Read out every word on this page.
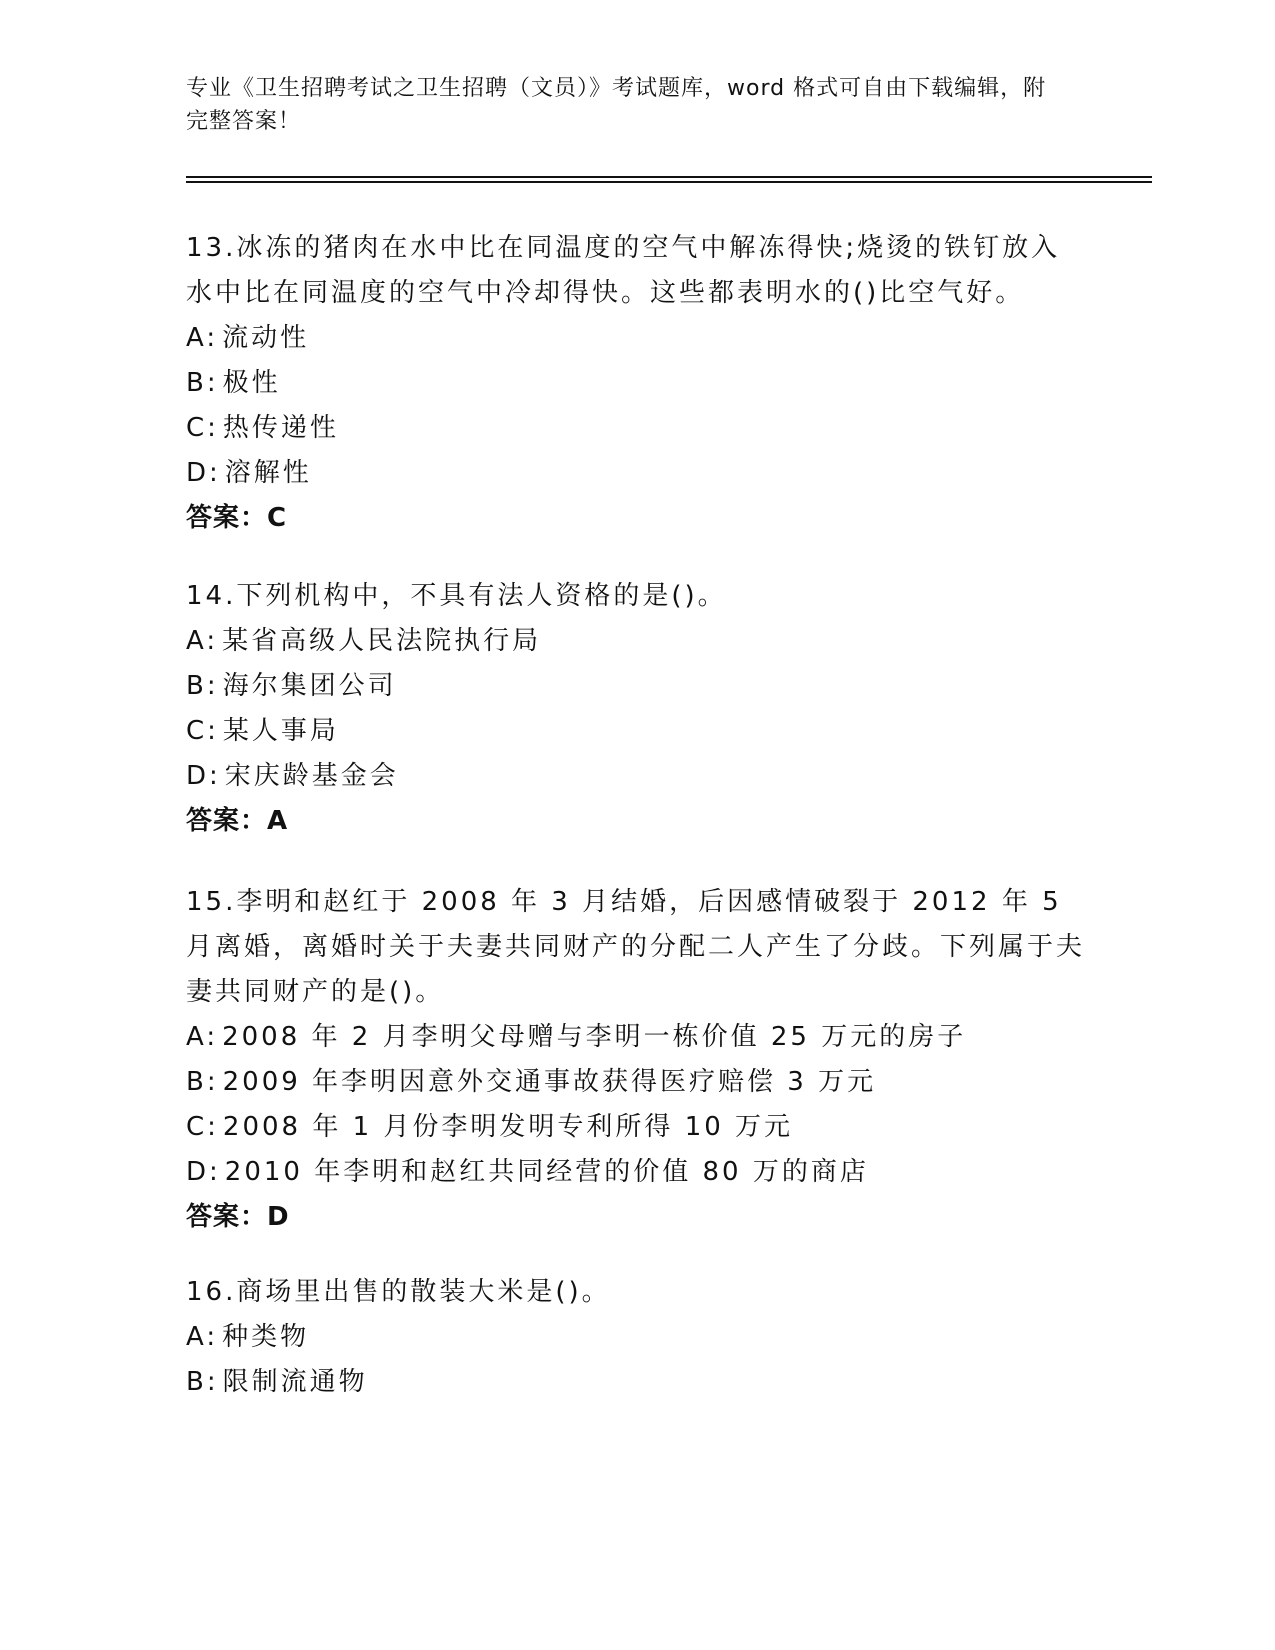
专业《卫生招聘考试之卫生招聘（文员）》考试题库，word 格式可自由下载编辑，附完整答案！
13.冰冻的猪肉在水中比在同温度的空气中解冻得快;烧烫的铁钉放入水中比在同温度的空气中冷却得快。这些都表明水的()比空气好。
A: 流动性
B: 极性
C: 热传递性
D: 溶解性
答案：C
14.下列机构中，不具有法人资格的是()。
A: 某省高级人民法院执行局
B: 海尔集团公司
C: 某人事局
D: 宋庆龄基金会
答案：A
15.李明和赵红于 2008 年 3 月结婚，后因感情破裂于 2012 年 5 月离婚，离婚时关于夫妻共同财产的分配二人产生了分歧。下列属于夫妻共同财产的是()。
A: 2008 年 2 月李明父母赠与李明一栋价值 25 万元的房子
B: 2009 年李明因意外交通事故获得医疗赔偿 3 万元
C: 2008 年 1 月份李明发明专利所得 10 万元
D: 2010 年李明和赵红共同经营的价值 80 万的商店
答案：D
16.商场里出售的散装大米是()。
A: 种类物
B: 限制流通物
